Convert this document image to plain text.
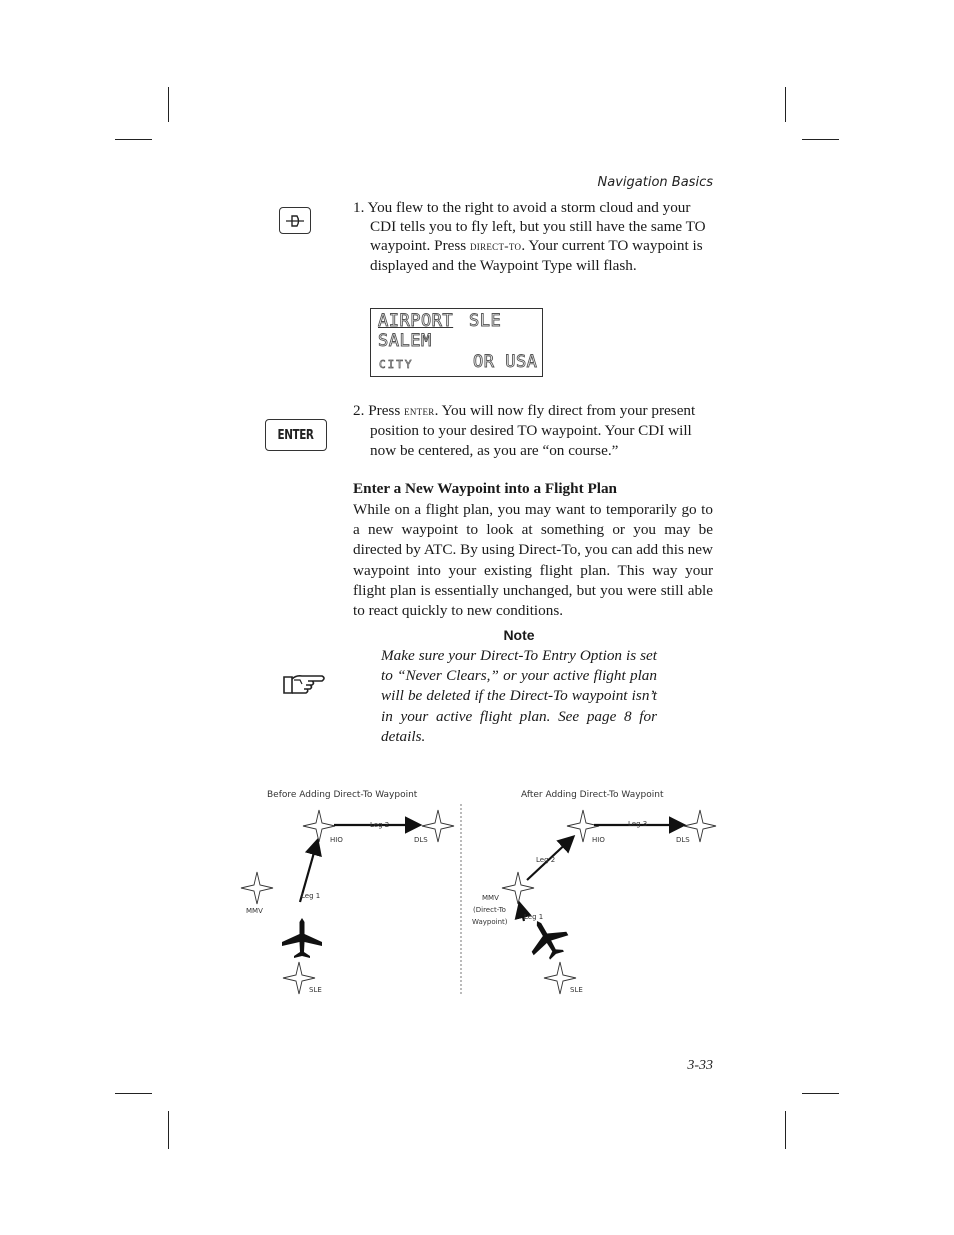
Navigation Basics

1. You flew to the right to avoid a storm cloud and your CDI tells you to fly left, but you still have the same TO waypoint. Press direct-to. Your current TO waypoint is displayed and the Waypoint Type will flash.

AIRPORT SLE
SALEM
CITY	OR USA
ENTER

2. Press enter. You will now fly direct from your present position to your desired TO waypoint. Your CDI will now be centered, as you are “on course.”

Enter a New Waypoint into a Flight Plan

While on a flight plan, you may want to temporarily go to a new waypoint to look at something or you may be directed by ATC. By using Direct-To, you can add this new waypoint into your existing flight plan. This way your flight plan is essentially unchanged, but you were still able to react quickly to new conditions.

Note

Make sure your Direct-To Entry Option is set to “Never Clears,” or your active flight plan will be deleted if the Direct-To waypoint isn’t in your active flight plan. See page 8 for details.

Before Adding Direct-To Waypoint
HIO	DLS
MMV
SLE
Leg 1
Leg 2
After Adding Direct-To Waypoint
HIO	DLS
MMV
(Direct-To
Waypoint)
SLE
Leg 1
Leg 2
Leg 3
3-33
